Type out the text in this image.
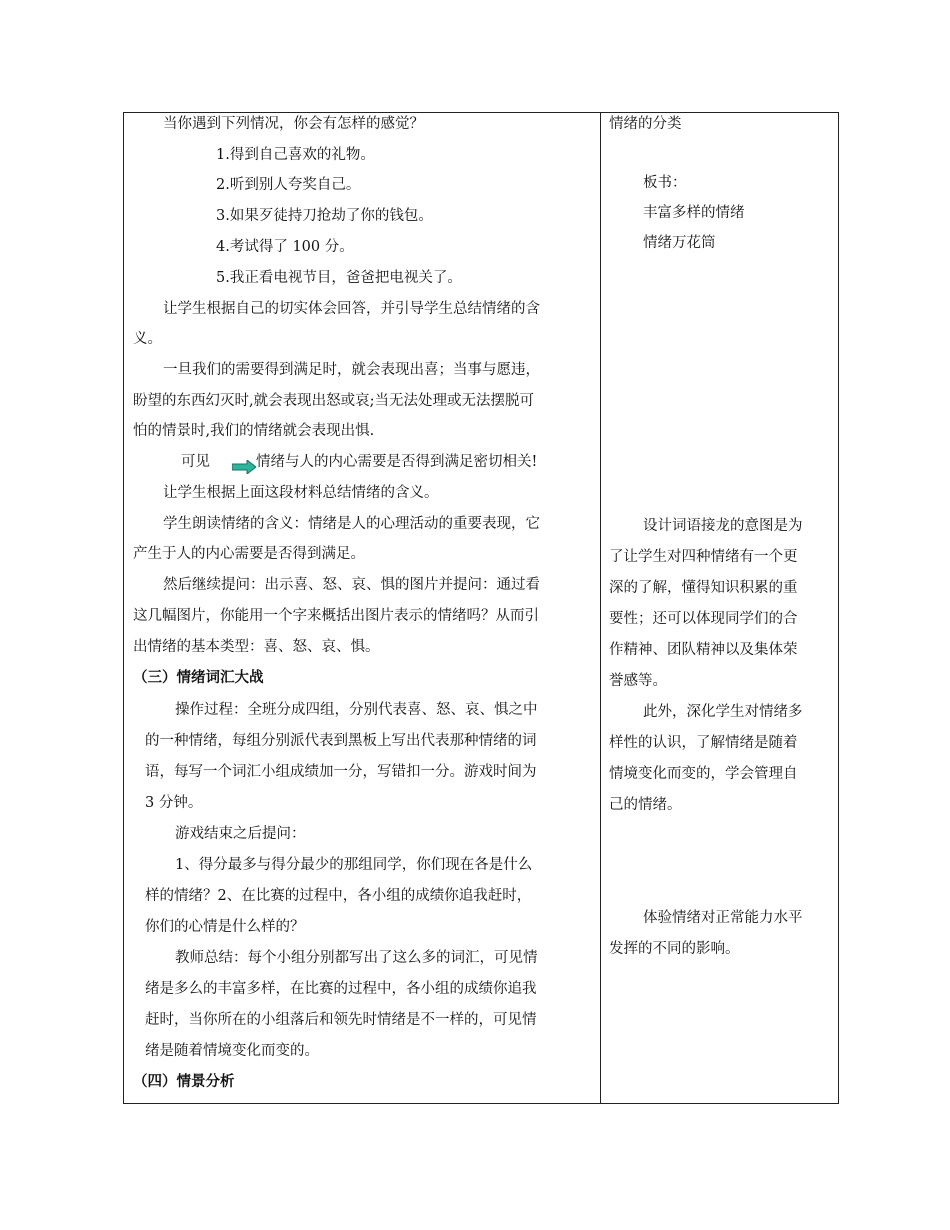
当你遇到下列情况，你会有怎样的感觉？
1.得到自己喜欢的礼物。
2.听到别人夸奖自己。
3.如果歹徒持刀抢劫了你的钱包。
4.考试得了 100 分。
5.我正看电视节目，爸爸把电视关了。
让学生根据自己的切实体会回答，并引导学生总结情绪的含
义。
一旦我们的需要得到满足时，就会表现出喜；当事与愿违，
盼望的东西幻灭时,就会表现出怒或哀;当无法处理或无法摆脱可
怕的情景时,我们的情绪就会表现出惧.
可见	情绪与人的内心需要是否得到满足密切相关!
让学生根据上面这段材料总结情绪的含义。
学生朗读情绪的含义：情绪是人的心理活动的重要表现，它
产生于人的内心需要是否得到满足。
然后继续提问：出示喜、怒、哀、惧的图片并提问：通过看
这几幅图片，你能用一个字来概括出图片表示的情绪吗？从而引
出情绪的基本类型：喜、怒、哀、惧。
（三）情绪词汇大战
操作过程：全班分成四组，分别代表喜、怒、哀、惧之中
的一种情绪，每组分别派代表到黑板上写出代表那种情绪的词
语，每写一个词汇小组成绩加一分，写错扣一分。游戏时间为
3 分钟。
游戏结束之后提问：
1、得分最多与得分最少的那组同学，你们现在各是什么
样的情绪？2、在比赛的过程中，各小组的成绩你追我赶时，
你们的心情是什么样的？
教师总结：每个小组分别都写出了这么多的词汇，可见情
绪是多么的丰富多样，在比赛的过程中，各小组的成绩你追我
赶时，当你所在的小组落后和领先时情绪是不一样的，可见情
绪是随着情境变化而变的。
（四）情景分析
情绪的分类
板书：
丰富多样的情绪
情绪万花筒
设计词语接龙的意图是为
了让学生对四种情绪有一个更
深的了解，懂得知识积累的重
要性；还可以体现同学们的合
作精神、团队精神以及集体荣
誉感等。
此外，深化学生对情绪多
样性的认识，了解情绪是随着
情境变化而变的，学会管理自
己的情绪。
体验情绪对正常能力水平
发挥的不同的影响。
